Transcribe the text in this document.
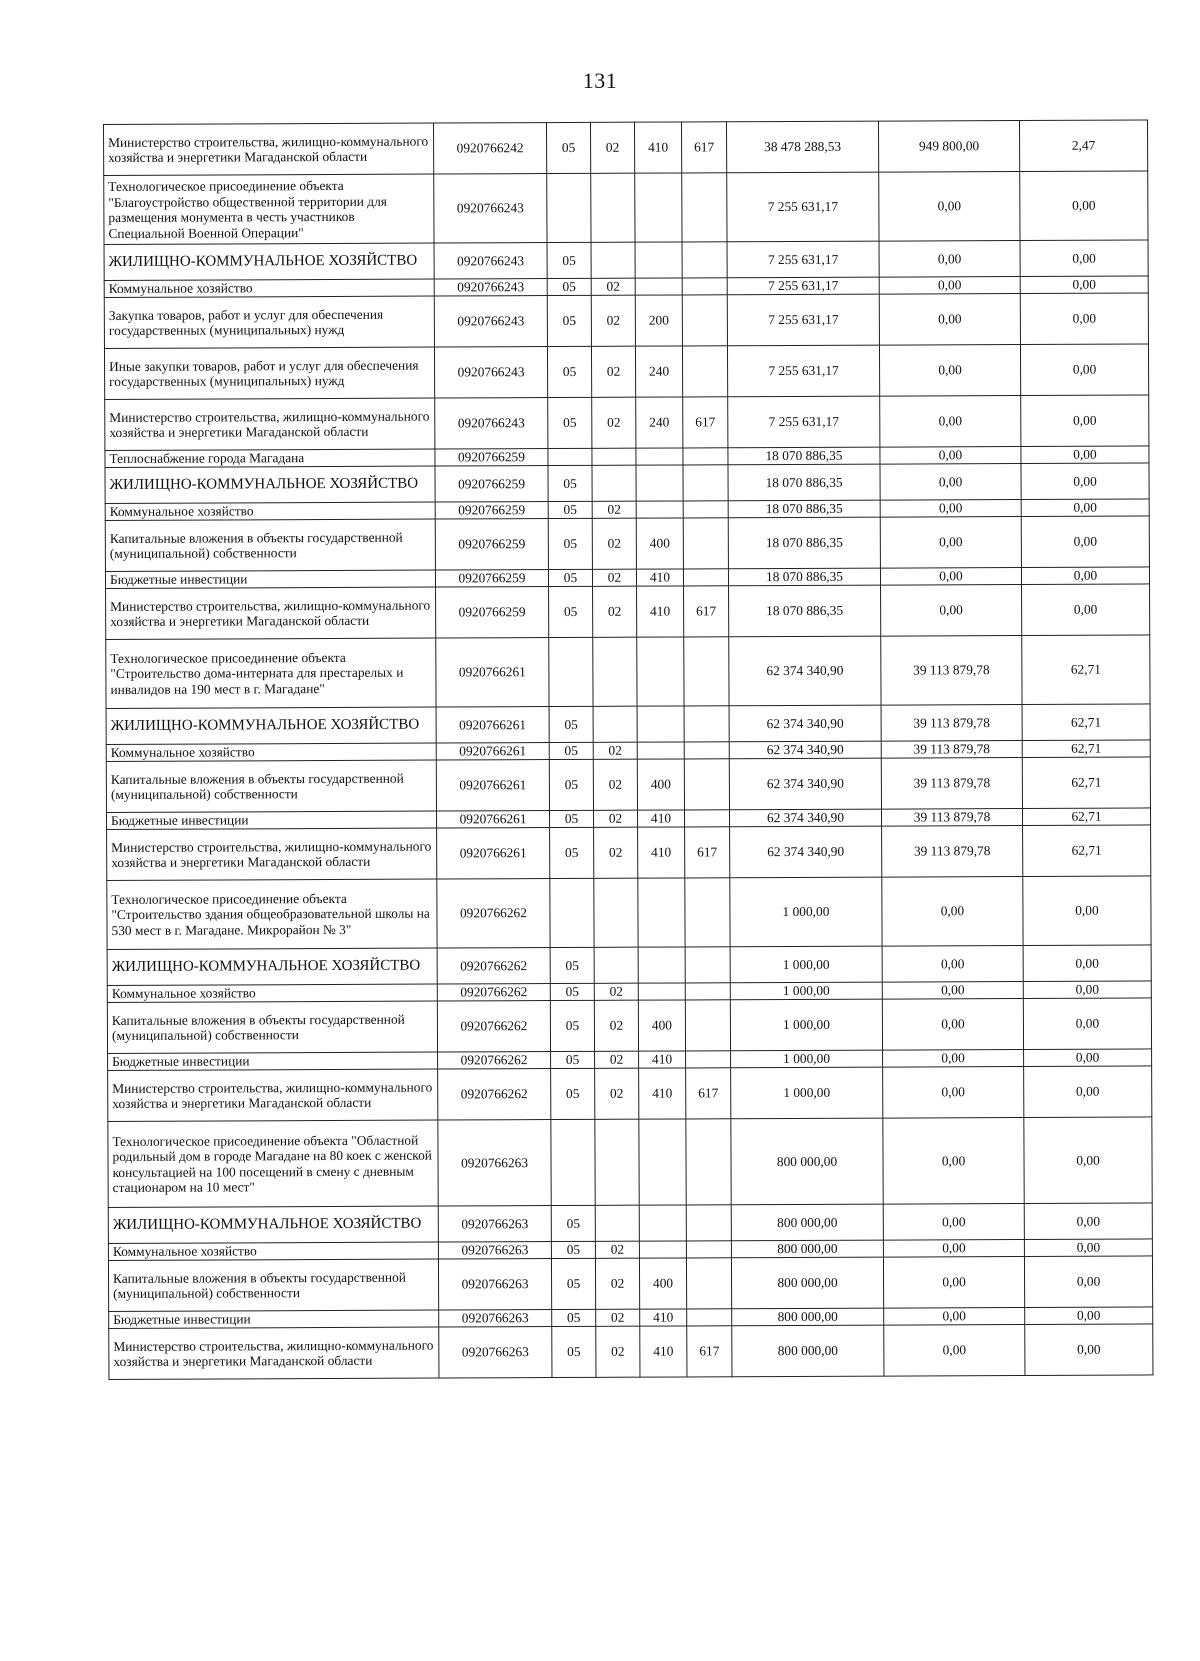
131
Министерство строительства, жилищно-коммунального хозяйства и энергетики Магаданской области	0920766242	05	02	410	617	38 478 288,53	949 800,00	2,47
Технологическое присоединение объекта "Благоустройство общественной территории для размещения монумента в честь участников Специальной Военной Операции"	0920766243					7 255 631,17	0,00	0,00
ЖИЛИЩНО-КОММУНАЛЬНОЕ ХОЗЯЙСТВО	0920766243	05				7 255 631,17	0,00	0,00
Коммунальное хозяйство	0920766243	05	02			7 255 631,17	0,00	0,00
Закупка товаров, работ и услуг для обеспечения государственных (муниципальных) нужд	0920766243	05	02	200		7 255 631,17	0,00	0,00
Иные закупки товаров, работ и услуг для обеспечения государственных (муниципальных) нужд	0920766243	05	02	240		7 255 631,17	0,00	0,00
Министерство строительства, жилищно-коммунального хозяйства и энергетики Магаданской области	0920766243	05	02	240	617	7 255 631,17	0,00	0,00
Теплоснабжение города Магадана	0920766259					18 070 886,35	0,00	0,00
ЖИЛИЩНО-КОММУНАЛЬНОЕ ХОЗЯЙСТВО	0920766259	05				18 070 886,35	0,00	0,00
Коммунальное хозяйство	0920766259	05	02			18 070 886,35	0,00	0,00
Капитальные вложения в объекты государственной (муниципальной) собственности	0920766259	05	02	400		18 070 886,35	0,00	0,00
Бюджетные инвестиции	0920766259	05	02	410		18 070 886,35	0,00	0,00
Министерство строительства, жилищно-коммунального хозяйства и энергетики Магаданской области	0920766259	05	02	410	617	18 070 886,35	0,00	0,00
Технологическое присоединение объекта "Строительство дома-интерната для престарелых и инвалидов на 190 мест в г. Магадане"	0920766261					62 374 340,90	39 113 879,78	62,71
ЖИЛИЩНО-КОММУНАЛЬНОЕ ХОЗЯЙСТВО	0920766261	05				62 374 340,90	39 113 879,78	62,71
Коммунальное хозяйство	0920766261	05	02			62 374 340,90	39 113 879,78	62,71
Капитальные вложения в объекты государственной (муниципальной) собственности	0920766261	05	02	400		62 374 340,90	39 113 879,78	62,71
Бюджетные инвестиции	0920766261	05	02	410		62 374 340,90	39 113 879,78	62,71
Министерство строительства, жилищно-коммунального хозяйства и энергетики Магаданской области	0920766261	05	02	410	617	62 374 340,90	39 113 879,78	62,71
Технологическое присоединение объекта "Строительство здания общеобразовательной школы на 530 мест в г. Магадане. Микрорайон № 3"	0920766262					1 000,00	0,00	0,00
ЖИЛИЩНО-КОММУНАЛЬНОЕ ХОЗЯЙСТВО	0920766262	05				1 000,00	0,00	0,00
Коммунальное хозяйство	0920766262	05	02			1 000,00	0,00	0,00
Капитальные вложения в объекты государственной (муниципальной) собственности	0920766262	05	02	400		1 000,00	0,00	0,00
Бюджетные инвестиции	0920766262	05	02	410		1 000,00	0,00	0,00
Министерство строительства, жилищно-коммунального хозяйства и энергетики Магаданской области	0920766262	05	02	410	617	1 000,00	0,00	0,00
Технологическое присоединение объекта "Областной родильный дом в городе Магадане на 80 коек с женской консультацией на 100 посещений в смену с дневным стационаром на 10 мест"	0920766263					800 000,00	0,00	0,00
ЖИЛИЩНО-КОММУНАЛЬНОЕ ХОЗЯЙСТВО	0920766263	05				800 000,00	0,00	0,00
Коммунальное хозяйство	0920766263	05	02			800 000,00	0,00	0,00
Капитальные вложения в объекты государственной (муниципальной) собственности	0920766263	05	02	400		800 000,00	0,00	0,00
Бюджетные инвестиции	0920766263	05	02	410		800 000,00	0,00	0,00
Министерство строительства, жилищно-коммунального хозяйства и энергетики Магаданской области	0920766263	05	02	410	617	800 000,00	0,00	0,00
